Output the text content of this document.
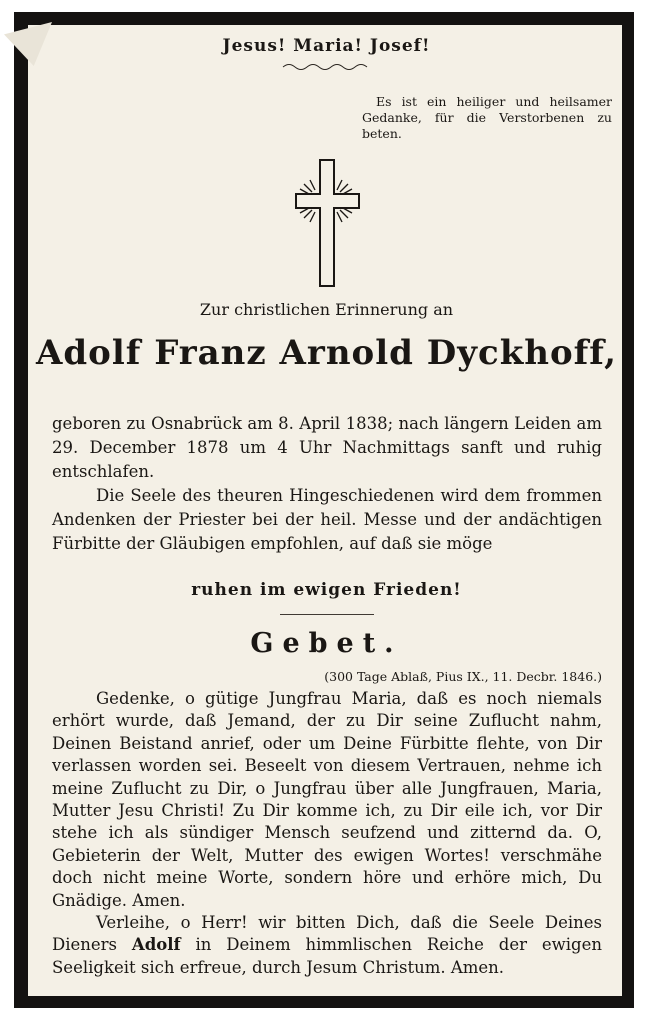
Jesus! Maria! Josef!
Es ist ein heiliger und heilsamer Gedanke, für die Verstorbenen zu beten.
Zur christlichen Erinnerung an
Adolf Franz Arnold Dyckhoff,

geboren zu Osnabrück am 8. April 1838; nach längern Leiden am 29. December 1878 um 4 Uhr Nachmittags sanft und ruhig entschlafen.

Die Seele des theuren Hingeschiedenen wird dem frommen Andenken der Priester bei der heil. Messe und der andächtigen Fürbitte der Gläubigen empfohlen, auf daß sie möge

ruhen im ewigen Frieden!
Gebet.
(300 Tage Ablaß, Pius IX., 11. Decbr. 1846.)

Gedenke, o gütige Jungfrau Maria, daß es noch niemals erhört wurde, daß Jemand, der zu Dir seine Zuflucht nahm, Deinen Beistand anrief, oder um Deine Fürbitte flehte, von Dir verlassen worden sei. Beseelt von diesem Vertrauen, nehme ich meine Zuflucht zu Dir, o Jungfrau über alle Jungfrauen, Maria, Mutter Jesu Christi! Zu Dir komme ich, zu Dir eile ich, vor Dir stehe ich als sündiger Mensch seufzend und zitternd da. O, Gebieterin der Welt, Mutter des ewigen Wortes! verschmähe doch nicht meine Worte, sondern höre und erhöre mich, Du Gnädige. Amen.

Verleihe, o Herr! wir bitten Dich, daß die Seele Deines Dieners Adolf in Deinem himmlischen Reiche der ewigen Seeligkeit sich erfreue, durch Jesum Christum. Amen.
